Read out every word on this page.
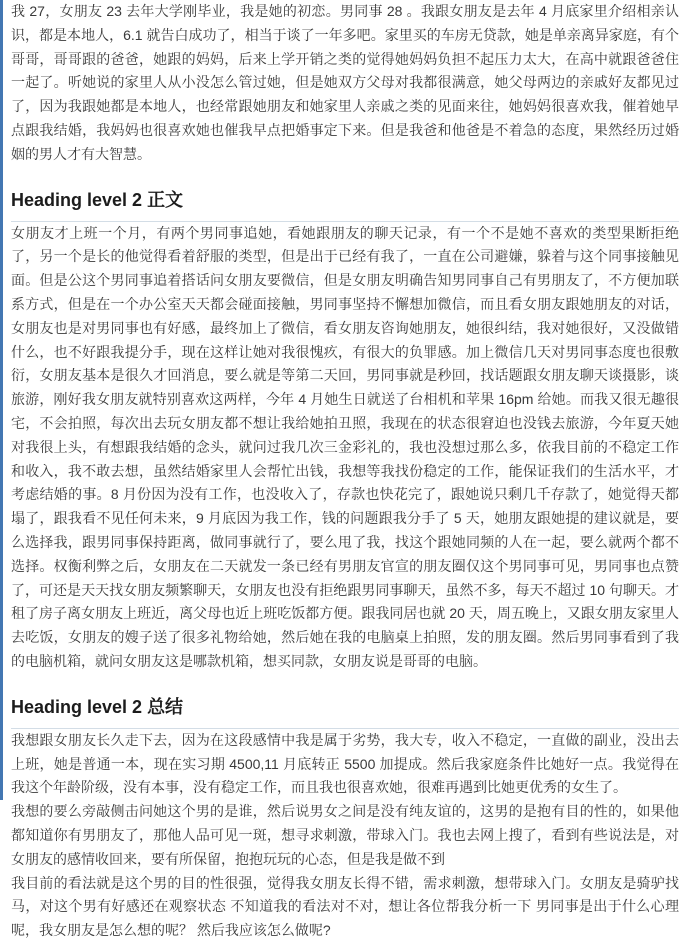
我 27，女朋友 23 去年大学刚毕业，我是她的初恋。男同事 28 。我跟女朋友是去年 4 月底家里介绍相亲认识，都是本地人，6.1 就告白成功了，相当于谈了一年多吧。家里买的车房无贷款，她是单亲离异家庭，有个哥哥，哥哥跟的爸爸，她跟的妈妈，后来上学开销之类的觉得她妈妈负担不起压力太大，在高中就跟爸爸住一起了。听她说的家里人从小没怎么管过她，但是她双方父母对我都很满意，她父母两边的亲戚好友都见过了，因为我跟她都是本地人，也经常跟她朋友和她家里人亲戚之类的见面来往，她妈妈很喜欢我，催着她早点跟我结婚，我妈妈也很喜欢她也催我早点把婚事定下来。但是我爸和他爸是不着急的态度，果然经历过婚姻的男人才有大智慧。

Heading level 2 正文

女朋友才上班一个月，有两个男同事追她，看她跟朋友的聊天记录，有一个不是她不喜欢的类型果断拒绝了，另一个是长的他觉得看着舒服的类型，但是出于已经有我了，一直在公司避嫌，躲着与这个同事接触见面。但是公这个男同事追着搭话问女朋友要微信，但是女朋友明确告知男同事自己有男朋友了，不方便加联系方式，但是在一个办公室天天都会碰面接触，男同事坚持不懈想加微信，而且看女朋友跟她朋友的对话，女朋友也是对男同事也有好感，最终加上了微信，看女朋友咨询她朋友，她很纠结，我对她很好，又没做错什么，也不好跟我提分手，现在这样让她对我很愧疚，有很大的负罪感。加上微信几天对男同事态度也很敷衍，女朋友基本是很久才回消息，要么就是等第二天回，男同事就是秒回，找话题跟女朋友聊天谈摄影，谈旅游，刚好我女朋友就特别喜欢这两样，今年 4 月她生日就送了台相机和苹果 16pm 给她。而我又很无趣很宅，不会拍照，每次出去玩女朋友都不想让我给她拍丑照，我现在的状态很窘迫也没钱去旅游，今年夏天她对我很上头，有想跟我结婚的念头，就问过我几次三金彩礼的，我也没想过那么多，依我目前的不稳定工作和收入，我不敢去想，虽然结婚家里人会帮忙出钱，我想等我找份稳定的工作，能保证我们的生活水平，才考虑结婚的事。8 月份因为没有工作，也没收入了，存款也快花完了，跟她说只剩几千存款了，她觉得天都塌了，跟我看不见任何未来，9 月底因为我工作，钱的问题跟我分手了 5 天，她朋友跟她提的建议就是，要么选择我，跟男同事保持距离，做同事就行了，要么甩了我，找这个跟她同频的人在一起，要么就两个都不选择。权衡利弊之后，女朋友在二天就发一条已经有男朋友官宣的朋友圈仅这个男同事可见，男同事也点赞了，可还是天天找女朋友频繁聊天，女朋友也没有拒绝跟男同事聊天，虽然不多，每天不超过 10 句聊天。才租了房子离女朋友上班近，离父母也近上班吃饭都方便。跟我同居也就 20 天，周五晚上，又跟女朋友家里人去吃饭，女朋友的嫂子送了很多礼物给她，然后她在我的电脑桌上拍照，发的朋友圈。然后男同事看到了我的电脑机箱，就问女朋友这是哪款机箱，想买同款，女朋友说是哥哥的电脑。

Heading level 2 总结

我想跟女朋友长久走下去，因为在这段感情中我是属于劣势，我大专，收入不稳定，一直做的副业，没出去上班，她是普通一本，现在实习期 4500,11 月底转正 5500 加提成。然后我家庭条件比她好一点。我觉得在我这个年龄阶级，没有本事，没有稳定工作，而且我也很喜欢她，很难再遇到比她更优秀的女生了。

我想的要么旁敲侧击问她这个男的是谁，然后说男女之间是没有纯友谊的，这男的是抱有目的性的，如果他都知道你有男朋友了，那他人品可见一斑，想寻求刺激，带球入门。我也去网上搜了，看到有些说法是，对女朋友的感情收回来，要有所保留，抱抱玩玩的心态，但是我是做不到

我目前的看法就是这个男的目的性很强，觉得我女朋友长得不错，需求刺激，想带球入门。女朋友是骑驴找马，对这个男有好感还在观察状态 不知道我的看法对不对，想让各位帮我分析一下 男同事是出于什么心理呢，我女朋友是怎么想的呢？ 然后我应该怎么做呢?
